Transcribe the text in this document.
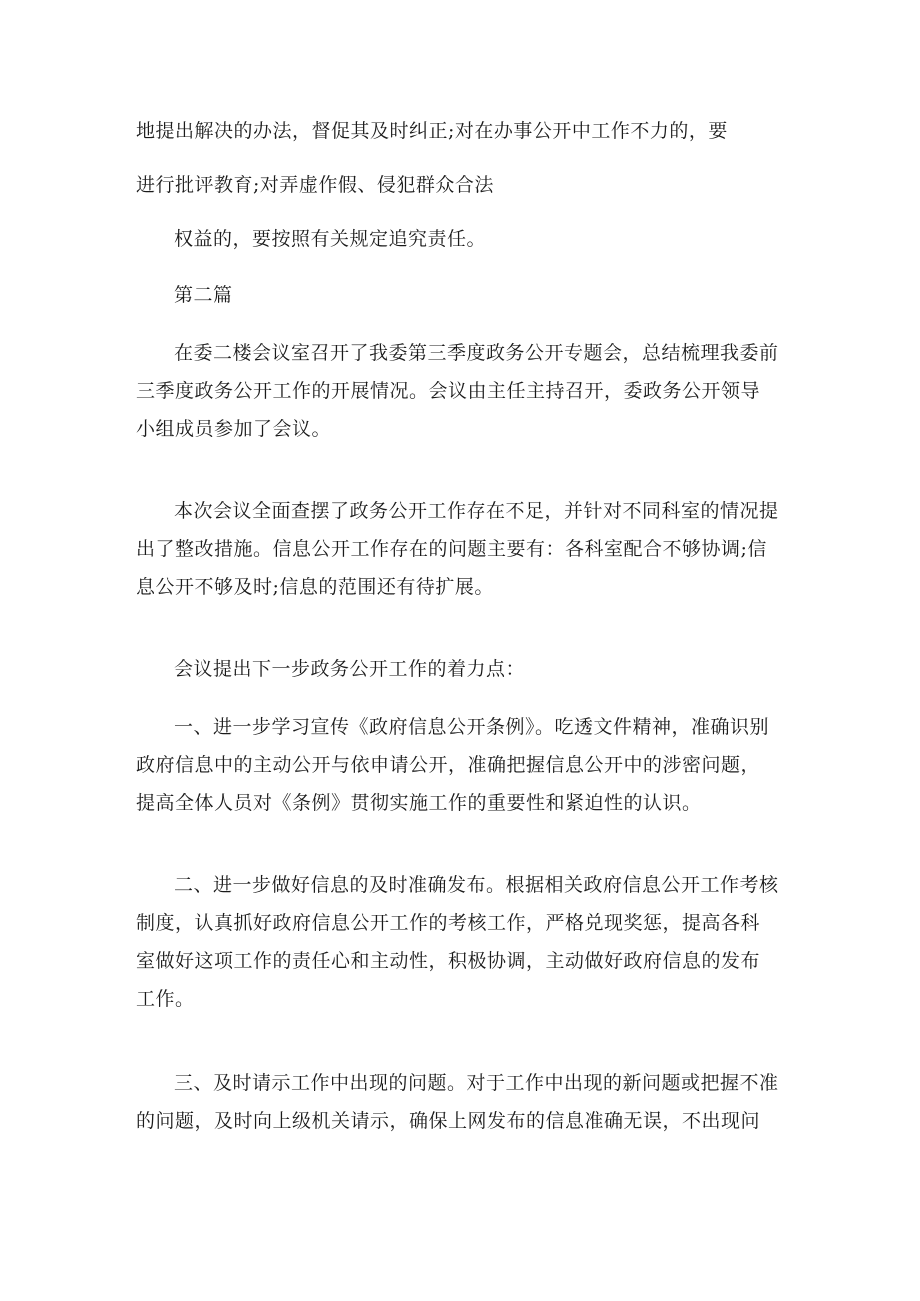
地提出解决的办法，督促其及时纠正;对在办事公开中工作不力的，要
进行批评教育;对弄虚作假、侵犯群众合法
权益的，要按照有关规定追究责任。
第二篇
在委二楼会议室召开了我委第三季度政务公开专题会，总结梳理我委前
三季度政务公开工作的开展情况。会议由主任主持召开，委政务公开领导
小组成员参加了会议。
本次会议全面查摆了政务公开工作存在不足，并针对不同科室的情况提
出了整改措施。信息公开工作存在的问题主要有：各科室配合不够协调;信
息公开不够及时;信息的范围还有待扩展。
会议提出下一步政务公开工作的着力点：
一、进一步学习宣传《政府信息公开条例》。吃透文件精神，准确识别
政府信息中的主动公开与依申请公开，准确把握信息公开中的涉密问题，
提高全体人员对《条例》贯彻实施工作的重要性和紧迫性的认识。
二、进一步做好信息的及时准确发布。根据相关政府信息公开工作考核
制度，认真抓好政府信息公开工作的考核工作，严格兑现奖惩，提高各科
室做好这项工作的责任心和主动性，积极协调，主动做好政府信息的发布
工作。
三、及时请示工作中出现的问题。对于工作中出现的新问题或把握不准
的问题，及时向上级机关请示，确保上网发布的信息准确无误，不出现问
